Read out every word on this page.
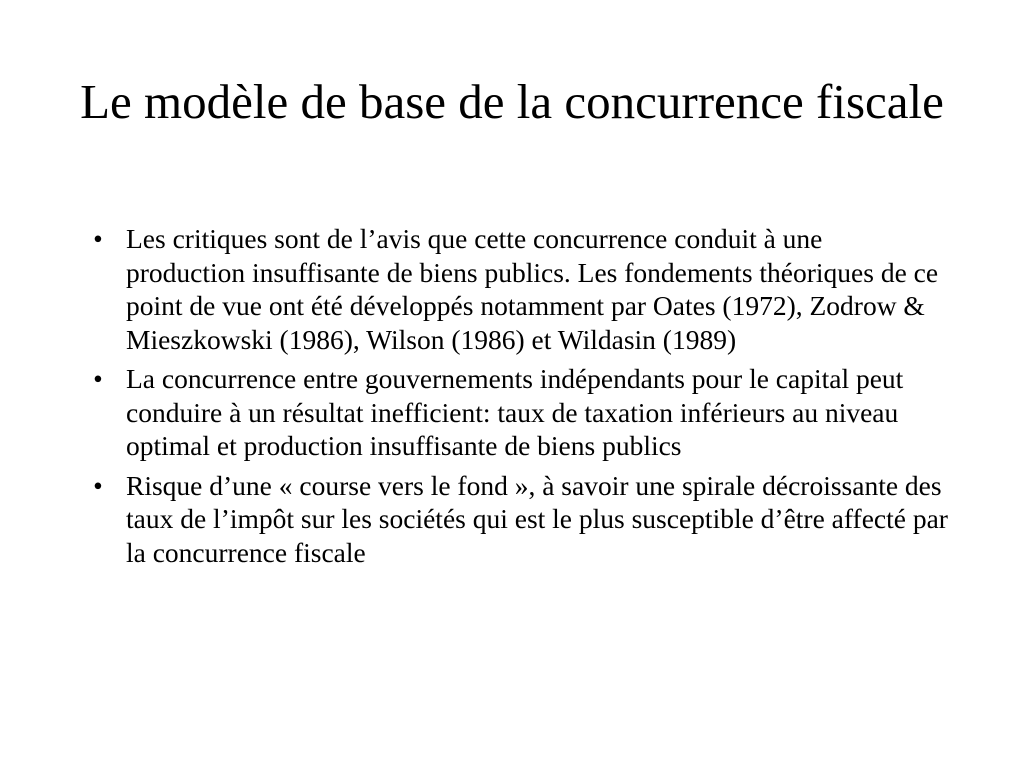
Le modèle de base de la concurrence fiscale
• Les critiques sont de l’avis que cette concurrence conduit à une production insuffisante de biens publics. Les fondements théoriques de ce point de vue ont été développés notamment par Oates (1972), Zodrow & Mieszkowski (1986), Wilson (1986) et Wildasin (1989)
• La concurrence entre gouvernements indépendants pour le capital peut conduire à un résultat inefficient: taux de taxation inférieurs au niveau optimal et production insuffisante de biens publics
• Risque d’une « course vers le fond », à savoir une spirale décroissante des taux de l’impôt sur les sociétés qui est le plus susceptible d’être affecté par la concurrence fiscale
